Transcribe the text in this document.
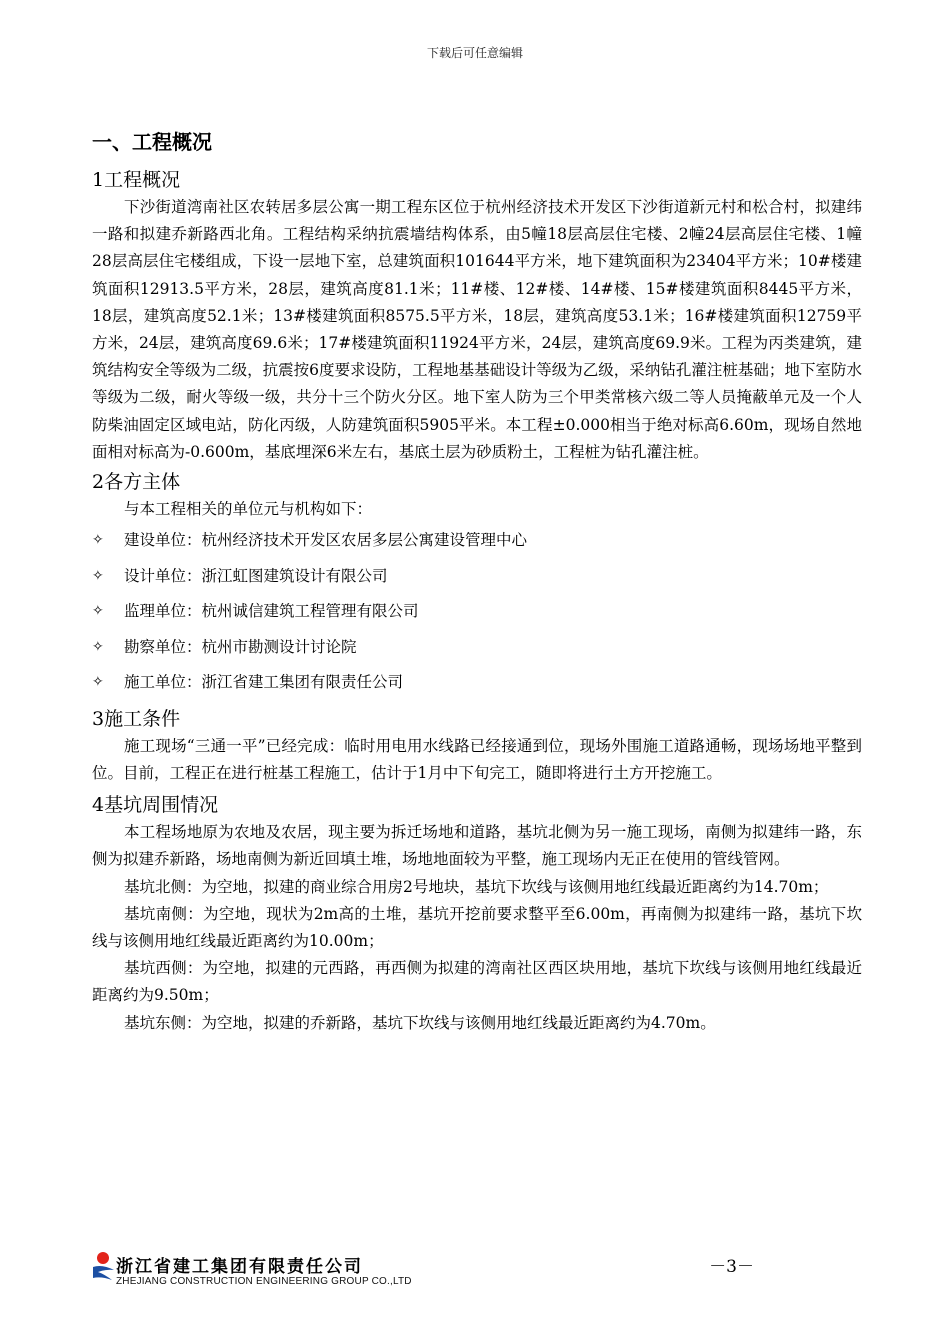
下载后可任意编辑
一、工程概况
1工程概况

下沙街道湾南社区农转居多层公寓一期工程东区位于杭州经济技术开发区下沙街道新元村和松合村，拟建纬一路和拟建乔新路西北角。工程结构采纳抗震墙结构体系，由5幢18层高层住宅楼、2幢24层高层住宅楼、1幢28层高层住宅楼组成，下设一层地下室，总建筑面积101644平方米，地下建筑面积为23404平方米；10#楼建筑面积12913.5平方米，28层，建筑高度81.1米；11#楼、12#楼、14#楼、15#楼建筑面积8445平方米，18层，建筑高度52.1米；13#楼建筑面积8575.5平方米，18层，建筑高度53.1米；16#楼建筑面积12759平方米，24层，建筑高度69.6米；17#楼建筑面积11924平方米，24层，建筑高度69.9米。工程为丙类建筑，建筑结构安全等级为二级，抗震按6度要求设防，工程地基基础设计等级为乙级，采纳钻孔灌注桩基础；地下室防水等级为二级，耐火等级一级，共分十三个防火分区。地下室人防为三个甲类常核六级二等人员掩蔽单元及一个人防柴油固定区域电站，防化丙级，人防建筑面积5905平米。本工程±0.000相当于绝对标高6.60m，现场自然地面相对标高为-0.600m，基底埋深6米左右，基底土层为砂质粉土，工程桩为钻孔灌注桩。

2各方主体

与本工程相关的单位元与机构如下：

✧	建设单位：杭州经济技术开发区农居多层公寓建设管理中心
✧	设计单位：浙江虹图建筑设计有限公司
✧	监理单位：杭州诚信建筑工程管理有限公司
✧	勘察单位：杭州市勘测设计讨论院
✧	施工单位：浙江省建工集团有限责任公司
3施工条件

施工现场“三通一平”已经完成：临时用电用水线路已经接通到位，现场外围施工道路通畅，现场场地平整到位。目前，工程正在进行桩基工程施工，估计于1月中下旬完工，随即将进行土方开挖施工。

4基坑周围情况

本工程场地原为农地及农居，现主要为拆迁场地和道路，基坑北侧为另一施工现场，南侧为拟建纬一路，东侧为拟建乔新路，场地南侧为新近回填土堆，场地地面较为平整，施工现场内无正在使用的管线管网。

基坑北侧：为空地，拟建的商业综合用房2号地块，基坑下坎线与该侧用地红线最近距离约为14.70m；

基坑南侧：为空地，现状为2m高的土堆，基坑开挖前要求整平至6.00m，再南侧为拟建纬一路，基坑下坎线与该侧用地红线最近距离约为10.00m；

基坑西侧：为空地，拟建的元西路，再西侧为拟建的湾南社区西区块用地，基坑下坎线与该侧用地红线最近距离约为9.50m；

基坑东侧：为空地，拟建的乔新路，基坑下坎线与该侧用地红线最近距离约为4.70m。

浙江省建工集团有限责任公司
ZHEJIANG CONSTRUCTION ENGINEERING GROUP CO.,LTD
－3－
